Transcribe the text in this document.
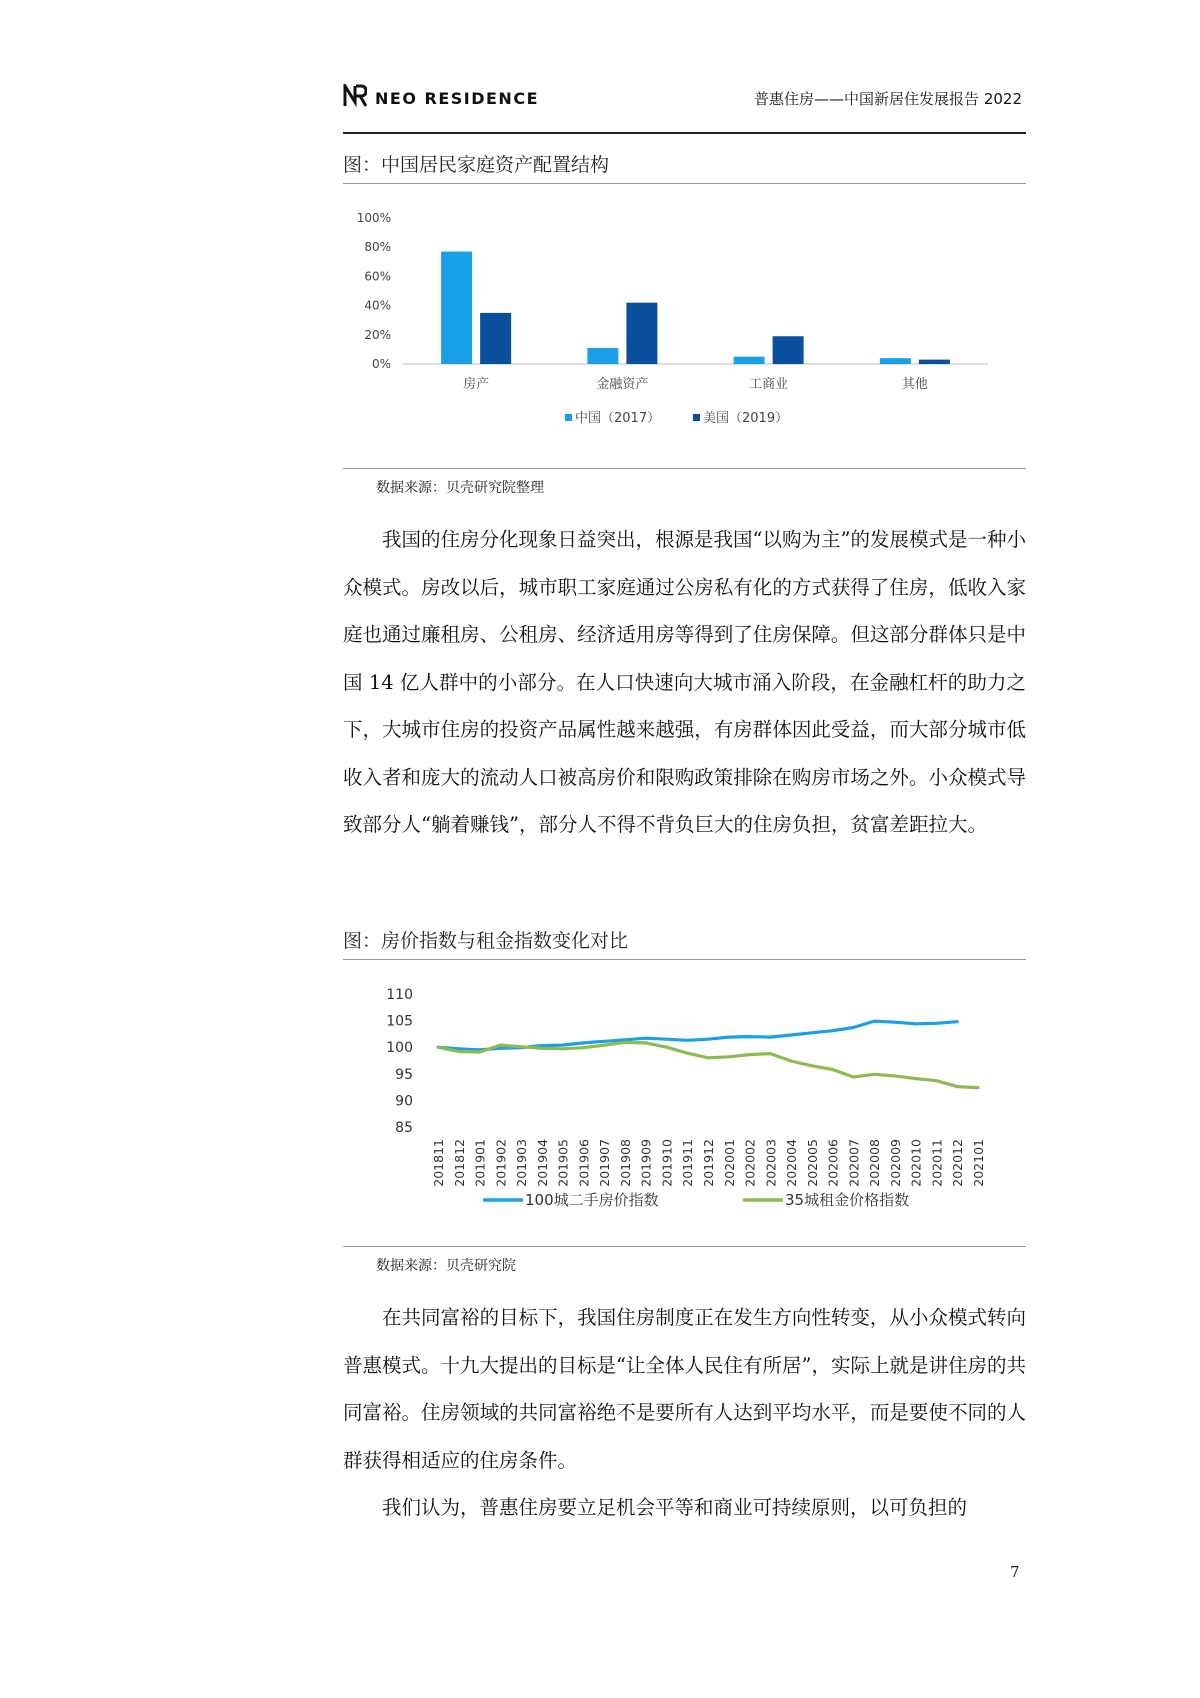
NEO RESIDENCE	普惠住房——中国新居住发展报告 2022
图：中国居民家庭资产配置结构
0%
20%
40%
60%
80%
100%
房产	金融资产	工商业	其他
中国（2017）	美国（2019）
数据来源：贝壳研究院整理

我国的住房分化现象日益突出，根源是我国“以购为主”的发展模式是一种小众模式。房改以后，城市职工家庭通过公房私有化的方式获得了住房，低收入家庭也通过廉租房、公租房、经济适用房等得到了住房保障。但这部分群体只是中国 14 亿人群中的小部分。在人口快速向大城市涌入阶段，在金融杠杆的助力之下，大城市住房的投资产品属性越来越强，有房群体因此受益，而大部分城市低收入者和庞大的流动人口被高房价和限购政策排除在购房市场之外。小众模式导致部分人“躺着赚钱”，部分人不得不背负巨大的住房负担，贫富差距拉大。

图：房价指数与租金指数变化对比
85
90
95
100
105
110
201811 201812 201901 201902 201903 201904 201905 201906 201907 201908 201909 201910 201911 201912 202001 202002 202003 202004 202005 202006 202007 202008 202009 202010 202011 202012 202101
100城二手房价指数	35城租金价格指数
数据来源：贝壳研究院

在共同富裕的目标下，我国住房制度正在发生方向性转变，从小众模式转向普惠模式。十九大提出的目标是“让全体人民住有所居”，实际上就是讲住房的共同富裕。住房领域的共同富裕绝不是要所有人达到平均水平，而是要使不同的人群获得相适应的住房条件。

我们认为，普惠住房要立足机会平等和商业可持续原则，以可负担的

7
